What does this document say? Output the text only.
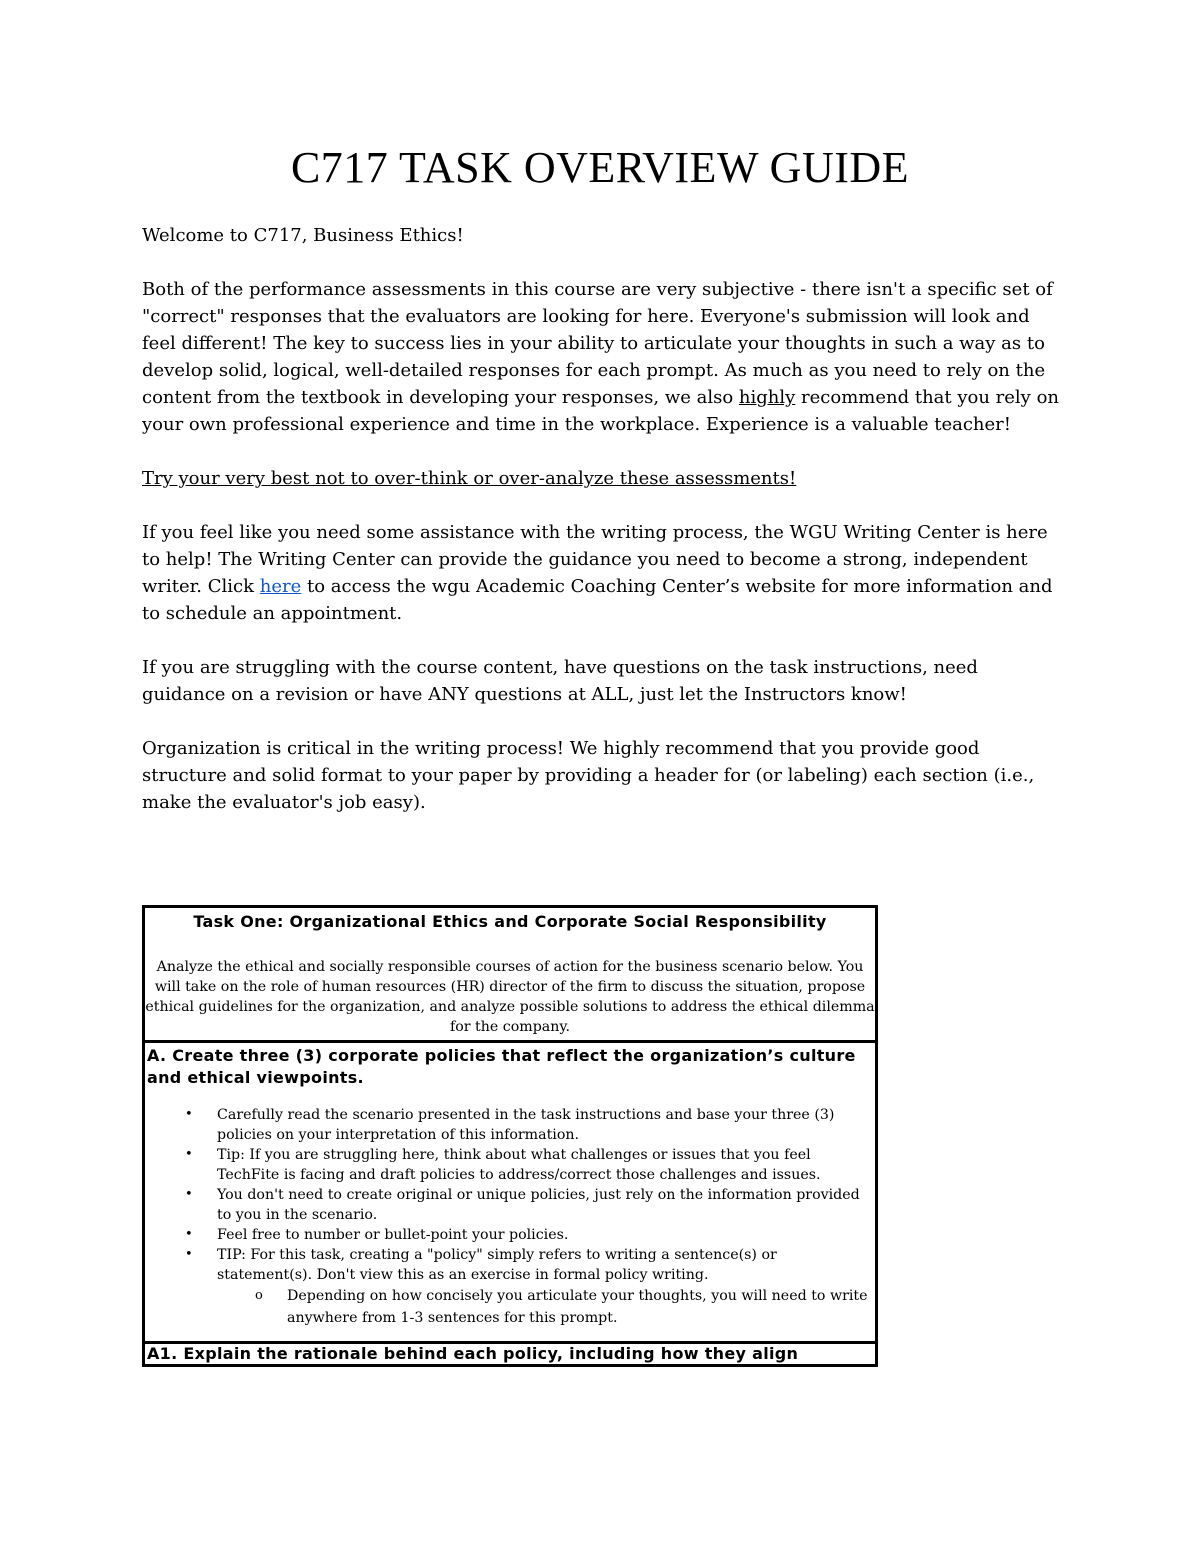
C717 TASK OVERVIEW GUIDE

Welcome to C717, Business Ethics!

Both of the performance assessments in this course are very subjective - there isn't a specific set of "correct" responses that the evaluators are looking for here. Everyone's submission will look and feel different! The key to success lies in your ability to articulate your thoughts in such a way as to develop solid, logical, well-detailed responses for each prompt. As much as you need to rely on the content from the textbook in developing your responses, we also highly recommend that you rely on your own professional experience and time in the workplace. Experience is a valuable teacher!

Try your very best not to over-think or over-analyze these assessments!

If you feel like you need some assistance with the writing process, the WGU Writing Center is here to help! The Writing Center can provide the guidance you need to become a strong, independent writer. Click here to access the wgu Academic Coaching Center’s website for more information and to schedule an appointment.

If you are struggling with the course content, have questions on the task instructions, need guidance on a revision or have ANY questions at ALL, just let the Instructors know!

Organization is critical in the writing process! We highly recommend that you provide good structure and solid format to your paper by providing a header for (or labeling) each section (i.e., make the evaluator's job easy).

Task One: Organizational Ethics and Corporate Social Responsibility
Analyze the ethical and socially responsible courses of action for the business scenario below. You will take on the role of human resources (HR) director of the firm to discuss the situation, propose ethical guidelines for the organization, and analyze possible solutions to address the ethical dilemma for the company.

A. Create three (3) corporate policies that reflect the organization’s culture and ethical viewpoints.
• Carefully read the scenario presented in the task instructions and base your three (3) policies on your interpretation of this information.
• Tip: If you are struggling here, think about what challenges or issues that you feel TechFite is facing and draft policies to address/correct those challenges and issues.
• You don't need to create original or unique policies, just rely on the information provided to you in the scenario.
• Feel free to number or bullet-point your policies.
• TIP: For this task, creating a "policy" simply refers to writing a sentence(s) or statement(s). Don't view this as an exercise in formal policy writing.
o Depending on how concisely you articulate your thoughts, you will need to write anywhere from 1-3 sentences for this prompt.

A1. Explain the rationale behind each policy, including how they align
